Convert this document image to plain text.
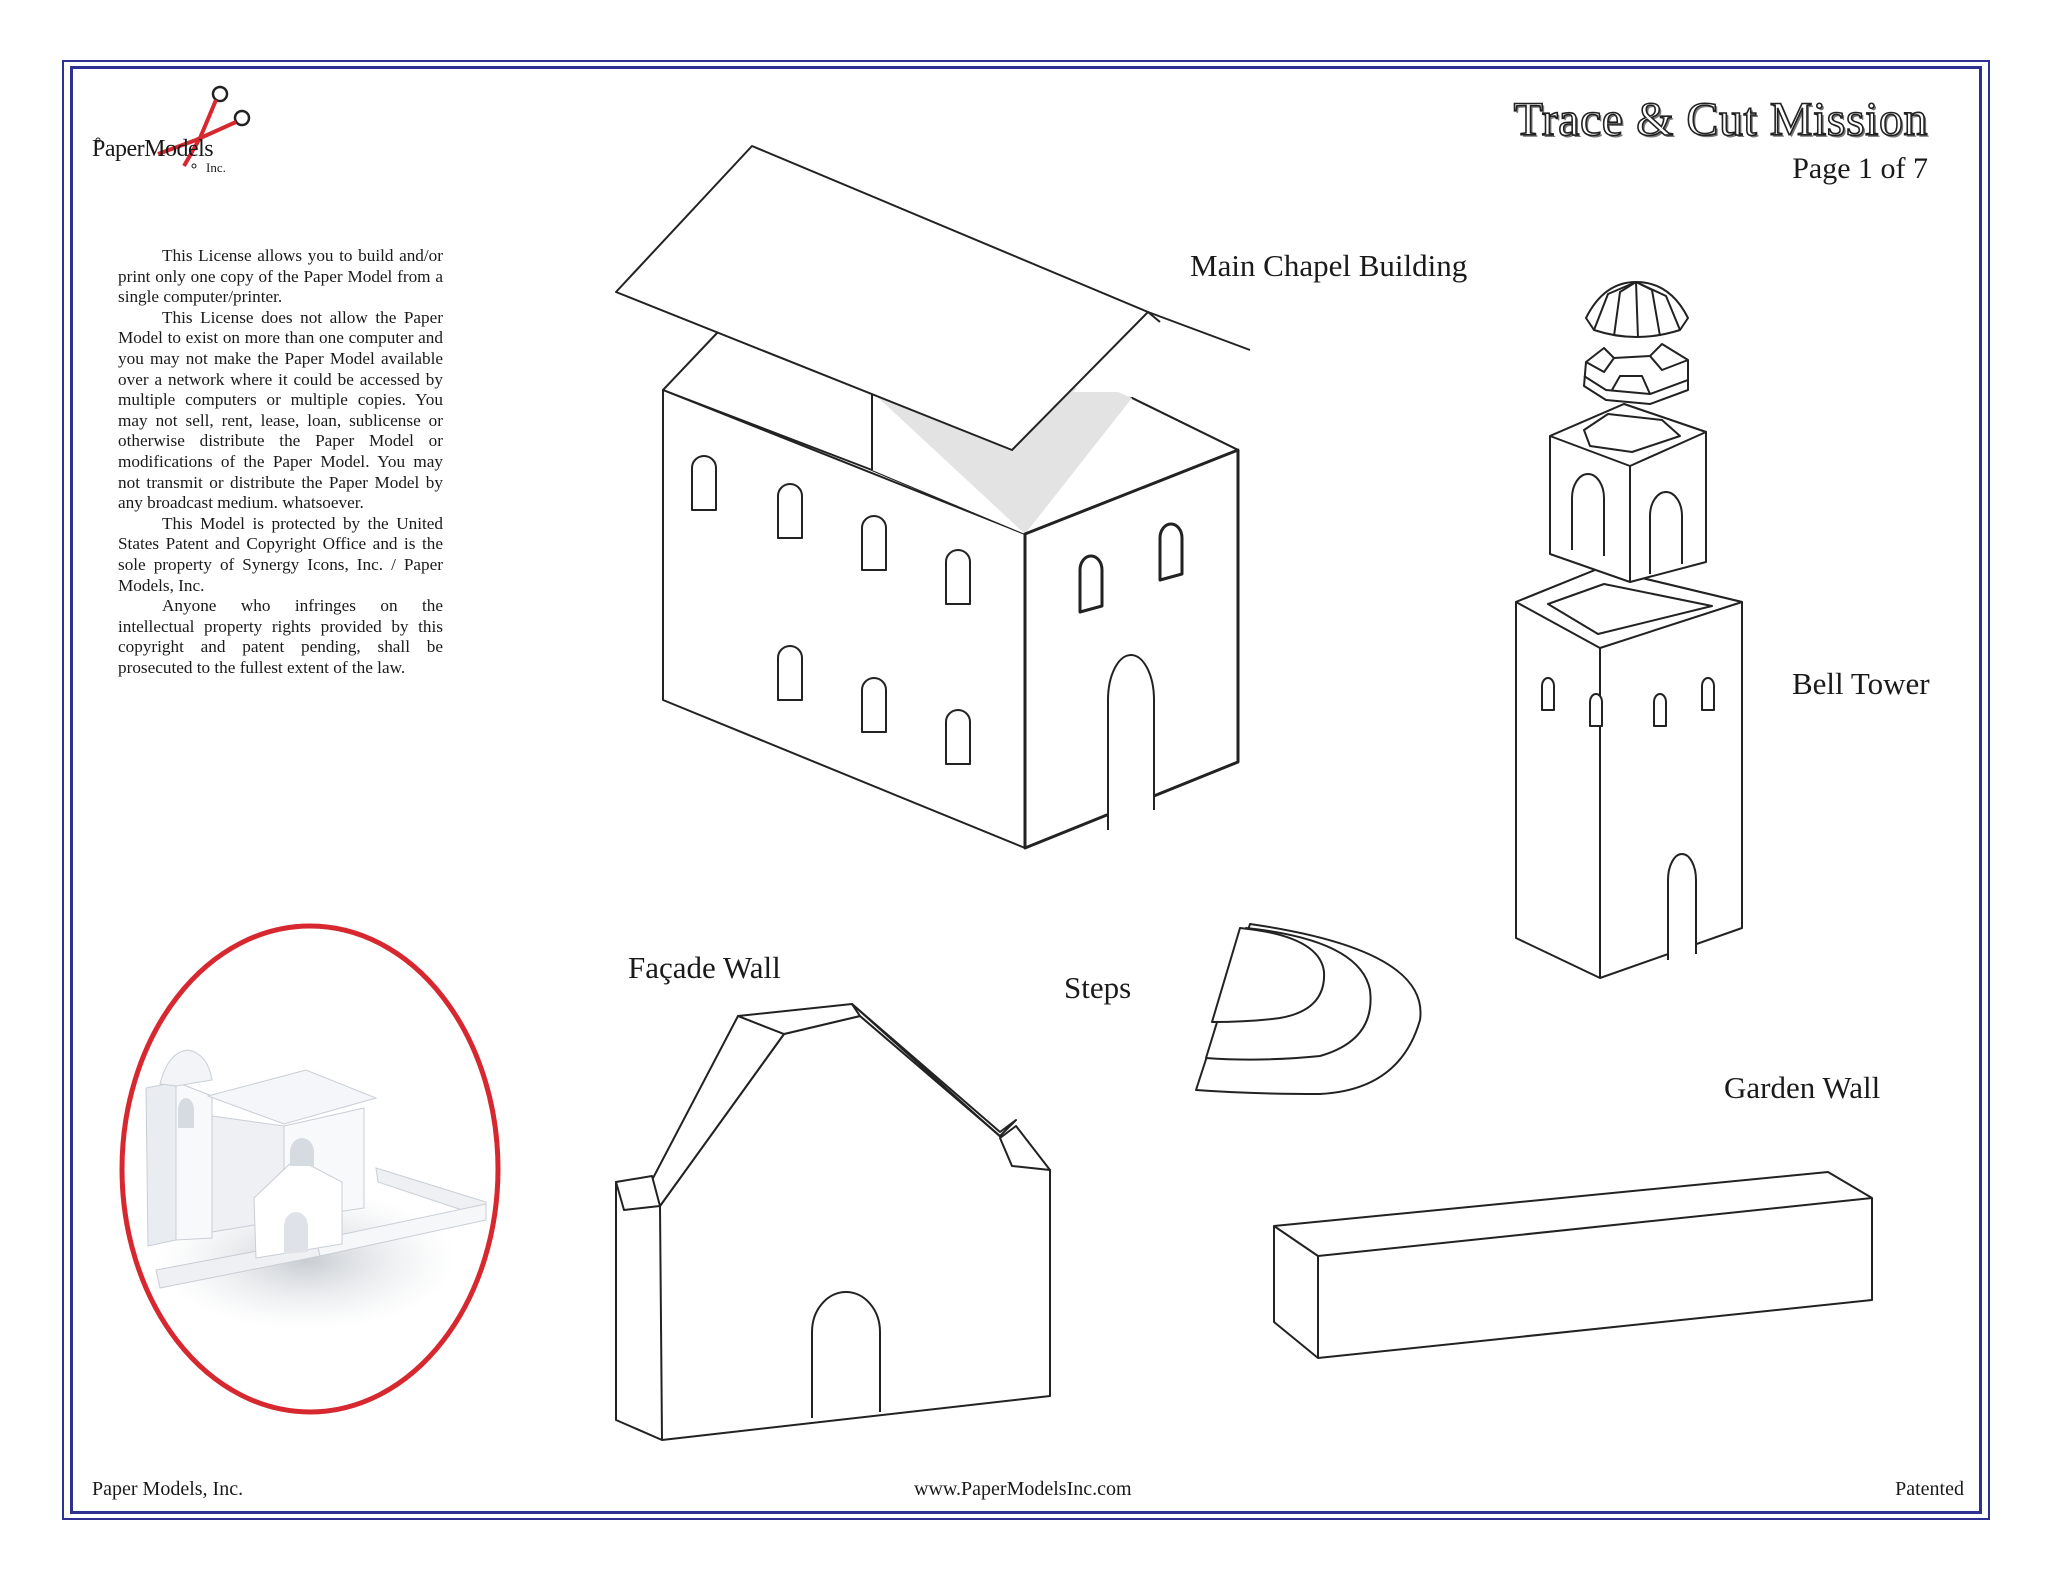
PaperModels
Inc.
Trace & Cut Mission
Page 1 of 7

This License allows you to build and/or print only one copy of the Paper Model from a single computer/printer.

This License does not allow the Paper Model to exist on more than one computer and you may not make the Paper Model available over a network where it could be accessed by multiple computers or multiple copies. You may not sell, rent, lease, loan, sublicense or otherwise distribute the Paper Model or modifications of the Paper Model. You may not transmit or distribute the Paper Model by any broadcast medium. whatsoever.

This Model is protected by the United States Patent and Copyright Office and is the sole property of Synergy Icons, Inc. / Paper Models, Inc.

Anyone who infringes on the intellectual property rights provided by this copyright and patent pending, shall be prosecuted to the fullest extent of the law.

Main Chapel Building
Bell Tower
Façade Wall
Steps
Garden Wall
Paper Models, Inc.	www.PaperModelsInc.com	Patented
